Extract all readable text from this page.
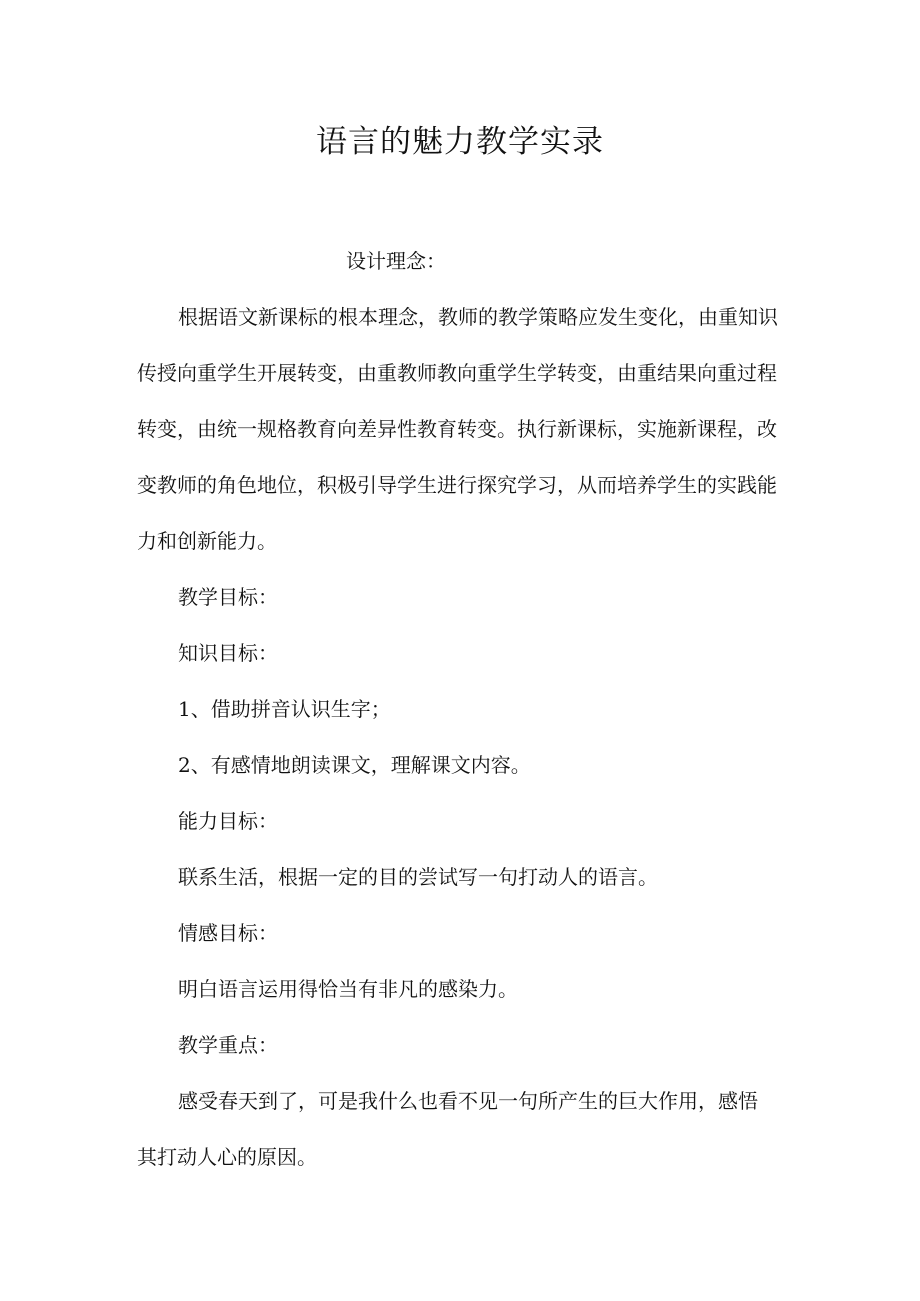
语言的魅力教学实录
设计理念：
根据语文新课标的根本理念，教师的教学策略应发生变化，由重知识
传授向重学生开展转变，由重教师教向重学生学转变，由重结果向重过程
转变，由统一规格教育向差异性教育转变。执行新课标，实施新课程，改
变教师的角色地位，积极引导学生进行探究学习，从而培养学生的实践能
力和创新能力。
教学目标：
知识目标：
1、借助拼音认识生字；
2、有感情地朗读课文，理解课文内容。
能力目标：
联系生活，根据一定的目的尝试写一句打动人的语言。
情感目标：
明白语言运用得恰当有非凡的感染力。
教学重点：
感受春天到了，可是我什么也看不见一句所产生的巨大作用，感悟
其打动人心的原因。
